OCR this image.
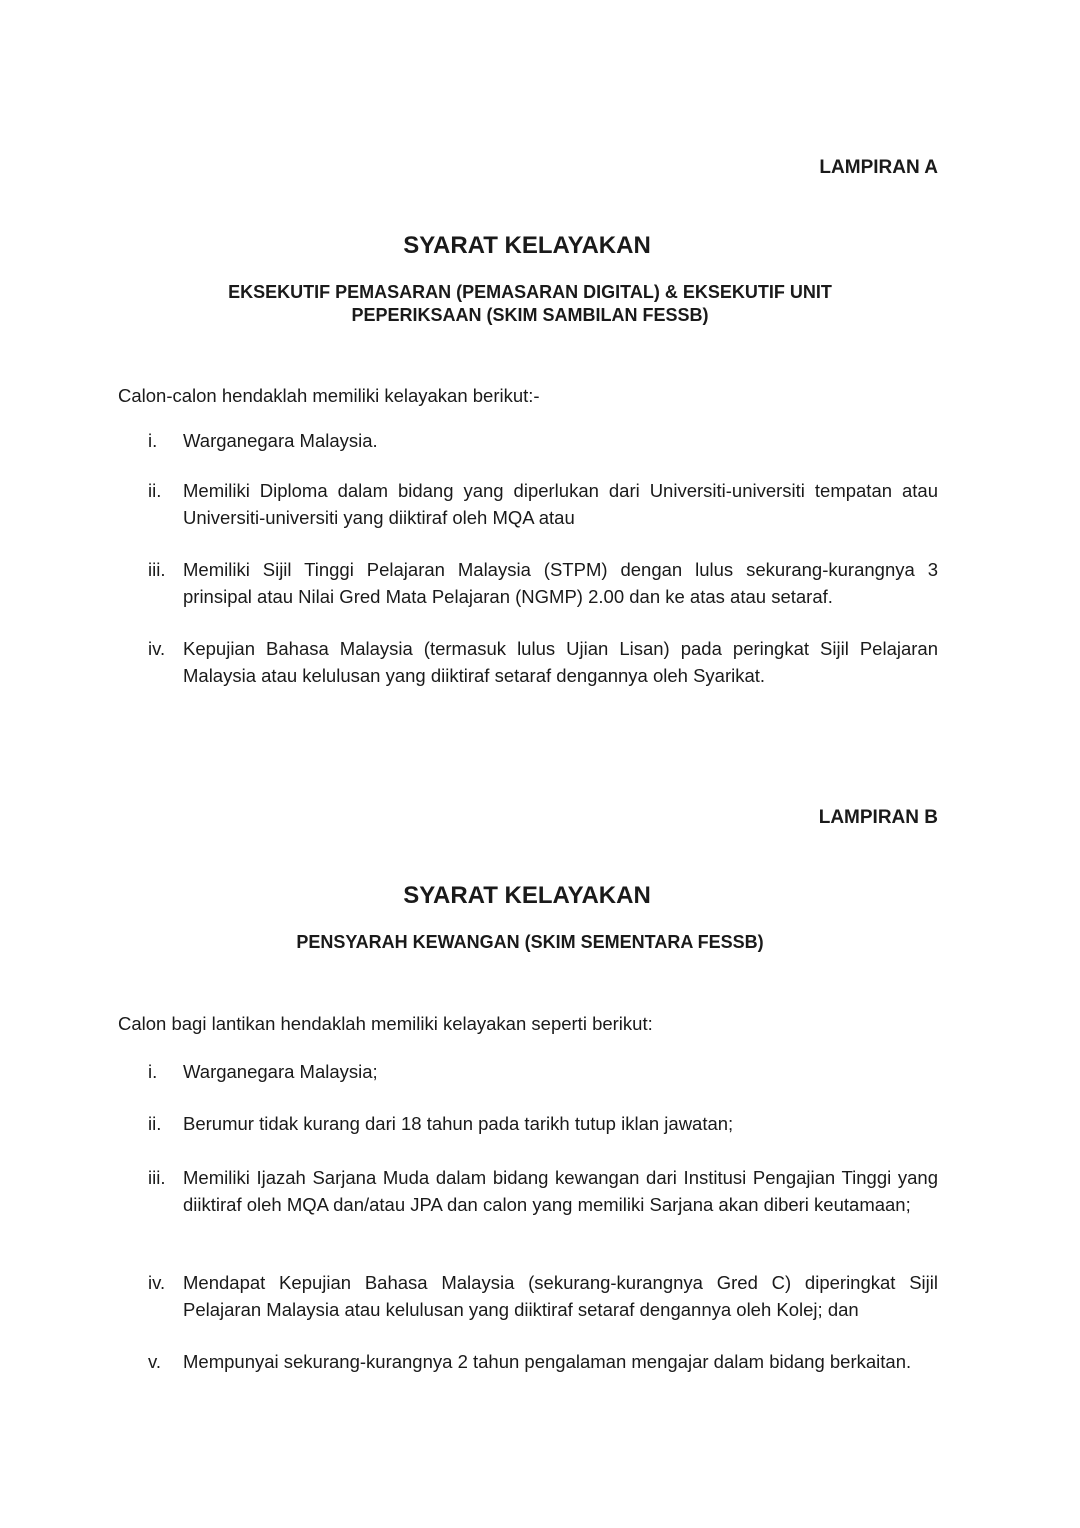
LAMPIRAN A
SYARAT KELAYAKAN
EKSEKUTIF PEMASARAN (PEMASARAN DIGITAL) & EKSEKUTIF UNIT
PEPERIKSAAN (SKIM SAMBILAN FESSB)
Calon-calon hendaklah memiliki kelayakan berikut:-
i.	Warganegara Malaysia.
ii.	Memiliki Diploma dalam bidang yang diperlukan dari Universiti-universiti tempatan atau Universiti-universiti yang diiktiraf oleh MQA atau
iii. Memiliki Sijil Tinggi Pelajaran Malaysia (STPM) dengan lulus sekurang-kurangnya 3 prinsipal atau Nilai Gred Mata Pelajaran (NGMP) 2.00 dan ke atas atau setaraf.
iv. Kepujian Bahasa Malaysia (termasuk lulus Ujian Lisan) pada peringkat Sijil Pelajaran Malaysia atau kelulusan yang diiktiraf setaraf dengannya oleh Syarikat.
LAMPIRAN B
SYARAT KELAYAKAN
PENSYARAH KEWANGAN (SKIM SEMENTARA FESSB)
Calon bagi lantikan hendaklah memiliki kelayakan seperti berikut:
i.	Warganegara Malaysia;
ii.	Berumur tidak kurang dari 18 tahun pada tarikh tutup iklan jawatan;
iii. Memiliki Ijazah Sarjana Muda dalam bidang kewangan dari Institusi Pengajian Tinggi yang diiktiraf oleh MQA dan/atau JPA dan calon yang memiliki Sarjana akan diberi keutamaan;
iv. Mendapat Kepujian Bahasa Malaysia (sekurang-kurangnya Gred C) diperingkat Sijil Pelajaran Malaysia atau kelulusan yang diiktiraf setaraf dengannya oleh Kolej; dan
v.	Mempunyai sekurang-kurangnya 2 tahun pengalaman mengajar dalam bidang berkaitan.
